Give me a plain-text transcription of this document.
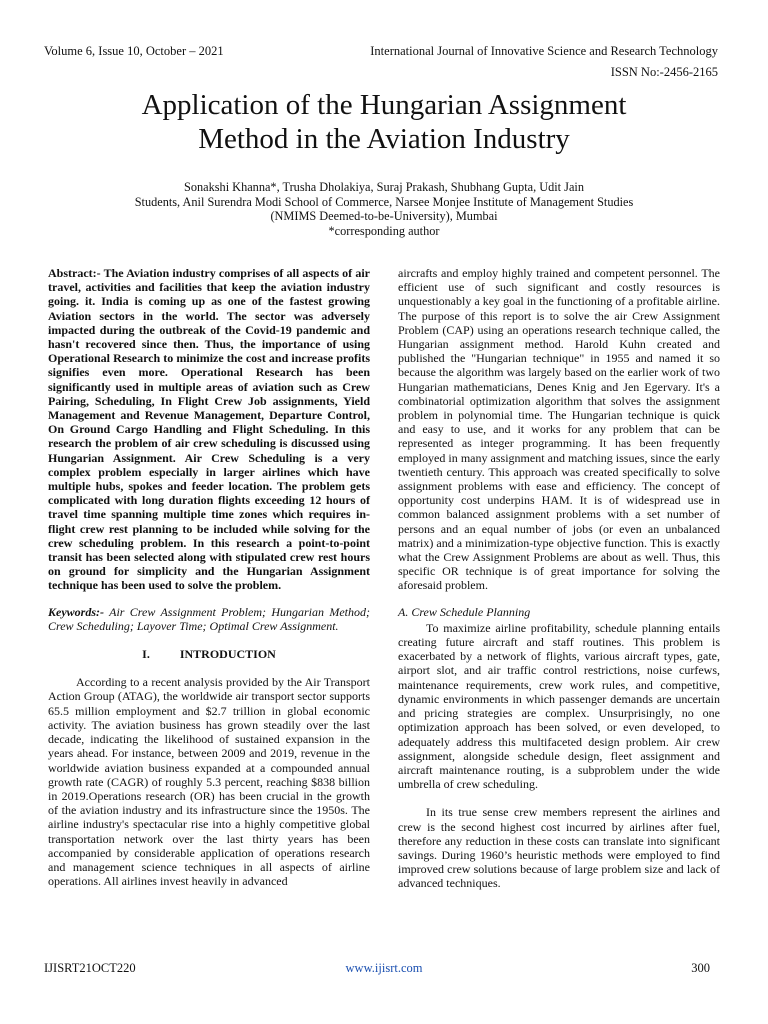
Volume 6, Issue 10, October – 2021	International Journal of Innovative Science and Research Technology
ISSN No:-2456-2165
Application of the Hungarian Assignment
Method in the Aviation Industry
Sonakshi Khanna*, Trusha Dholakiya, Suraj Prakash, Shubhang Gupta, Udit Jain
Students, Anil Surendra Modi School of Commerce, Narsee Monjee Institute of Management Studies
(NMIMS Deemed-to-be-University), Mumbai
*corresponding author

Abstract:- The Aviation industry comprises of all aspects of air travel, activities and facilities that keep the aviation industry going. it. India is coming up as one of the fastest growing Aviation sectors in the world. The sector was adversely impacted during the outbreak of the Covid-19 pandemic and hasn't recovered since then. Thus, the importance of using Operational Research to minimize the cost and increase profits signifies even more. Operational Research has been significantly used in multiple areas of aviation such as Crew Pairing, Scheduling, In Flight Crew Job assignments, Yield Management and Revenue Management, Departure Control, On Ground Cargo Handling and Flight Scheduling. In this research the problem of air crew scheduling is discussed using Hungarian Assignment. Air Crew Scheduling is a very complex problem especially in larger airlines which have multiple hubs, spokes and feeder location. The problem gets complicated with long duration flights exceeding 12 hours of travel time spanning multiple time zones which requires in-flight crew rest planning to be included while solving for the crew scheduling problem. In this research a point-to-point transit has been selected along with stipulated crew rest hours on ground for simplicity and the Hungarian Assignment technique has been used to solve the problem.

Keywords:- Air Crew Assignment Problem; Hungarian Method; Crew Scheduling; Layover Time; Optimal Crew Assignment.

I.	INTRODUCTION

According to a recent analysis provided by the Air Transport Action Group (ATAG), the worldwide air transport sector supports 65.5 million employment and $2.7 trillion in global economic activity. The aviation business has grown steadily over the last decade, indicating the likelihood of sustained expansion in the years ahead. For instance, between 2009 and 2019, revenue in the worldwide aviation business expanded at a compounded annual growth rate (CAGR) of roughly 5.3 percent, reaching $838 billion in 2019.Operations research (OR) has been crucial in the growth of the aviation industry and its infrastructure since the 1950s. The airline industry's spectacular rise into a highly competitive global transportation network over the last thirty years has been accompanied by considerable application of operations research and management science techniques in all aspects of airline operations. All airlines invest heavily in advanced

aircrafts and employ highly trained and competent personnel. The efficient use of such significant and costly resources is unquestionably a key goal in the functioning of a profitable airline. The purpose of this report is to solve the air Crew Assignment Problem (CAP) using an operations research technique called, the Hungarian assignment method. Harold Kuhn created and published the "Hungarian technique" in 1955 and named it so because the algorithm was largely based on the earlier work of two Hungarian mathematicians, Denes Knig and Jen Egervary. It's a combinatorial optimization algorithm that solves the assignment problem in polynomial time. The Hungarian technique is quick and easy to use, and it works for any problem that can be represented as integer programming. It has been frequently employed in many assignment and matching issues, since the early twentieth century. This approach was created specifically to solve assignment problems with ease and efficiency. The concept of opportunity cost underpins HAM. It is of widespread use in common balanced assignment problems with a set number of persons and an equal number of jobs (or even an unbalanced matrix) and a minimization-type objective function. This is exactly what the Crew Assignment Problems are about as well. Thus, this specific OR technique is of great importance for solving the aforesaid problem.

A. Crew Schedule Planning

To maximize airline profitability, schedule planning entails creating future aircraft and staff routines. This problem is exacerbated by a network of flights, various aircraft types, gate, airport slot, and air traffic control restrictions, noise curfews, maintenance requirements, crew work rules, and competitive, dynamic environments in which passenger demands are uncertain and pricing strategies are complex. Unsurprisingly, no one optimization approach has been solved, or even developed, to adequately address this multifaceted design problem. Air crew assignment, alongside schedule design, fleet assignment and aircraft maintenance routing, is a subproblem under the wide umbrella of crew scheduling.

In its true sense crew members represent the airlines and crew is the second highest cost incurred by airlines after fuel, therefore any reduction in these costs can translate into significant savings. During 1960’s heuristic methods were employed to find improved crew solutions because of large problem size and lack of advanced techniques.

IJISRT21OCT220	www.ijisrt.com	300
